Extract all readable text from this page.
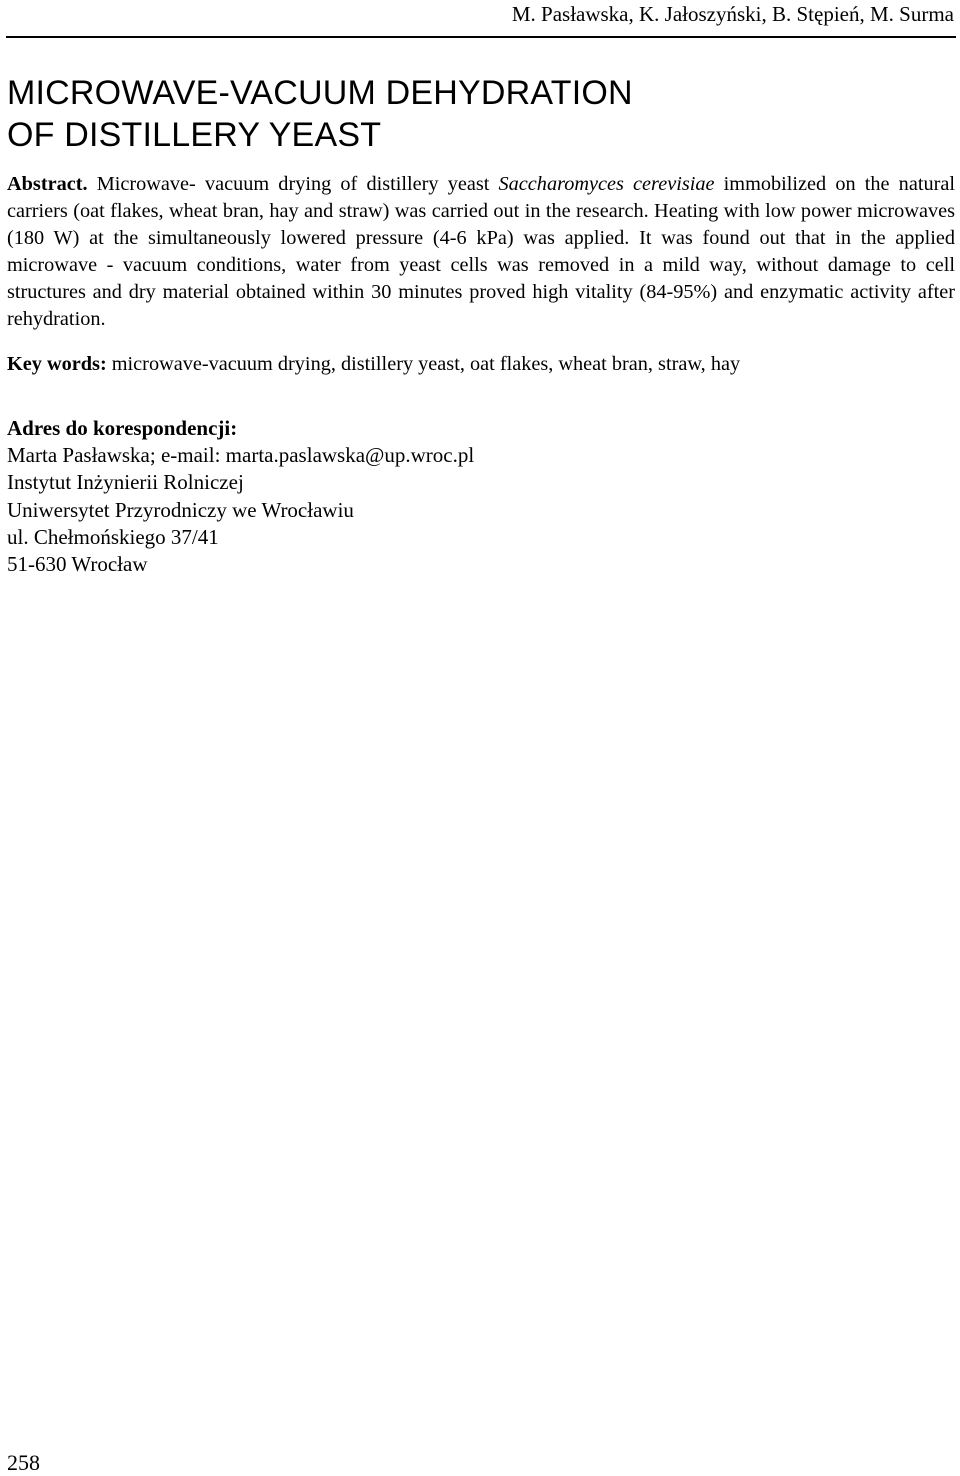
M. Pasławska, K. Jałoszyński, B. Stępień, M. Surma
MICROWAVE-VACUUM DEHYDRATION
OF DISTILLERY YEAST

Abstract. Microwave- vacuum drying of distillery yeast Saccharomyces cerevisiae immobilized on the natural carriers (oat flakes, wheat bran, hay and straw) was carried out in the research. Heating with low power microwaves (180 W) at the simultaneously lowered pressure (4-6 kPa) was applied. It was found out that in the applied microwave - vacuum conditions, water from yeast cells was removed in a mild way, without damage to cell structures and dry material obtained within 30 minutes proved high vitality (84-95%) and enzymatic activity after rehydration.

Key words: microwave-vacuum drying, distillery yeast, oat flakes, wheat bran, straw, hay

Adres do korespondencji:
Marta Pasławska; e-mail: marta.paslawska@up.wroc.pl
Instytut Inżynierii Rolniczej
Uniwersytet Przyrodniczy we Wrocławiu
ul. Chełmońskiego 37/41
51-630 Wrocław
258
